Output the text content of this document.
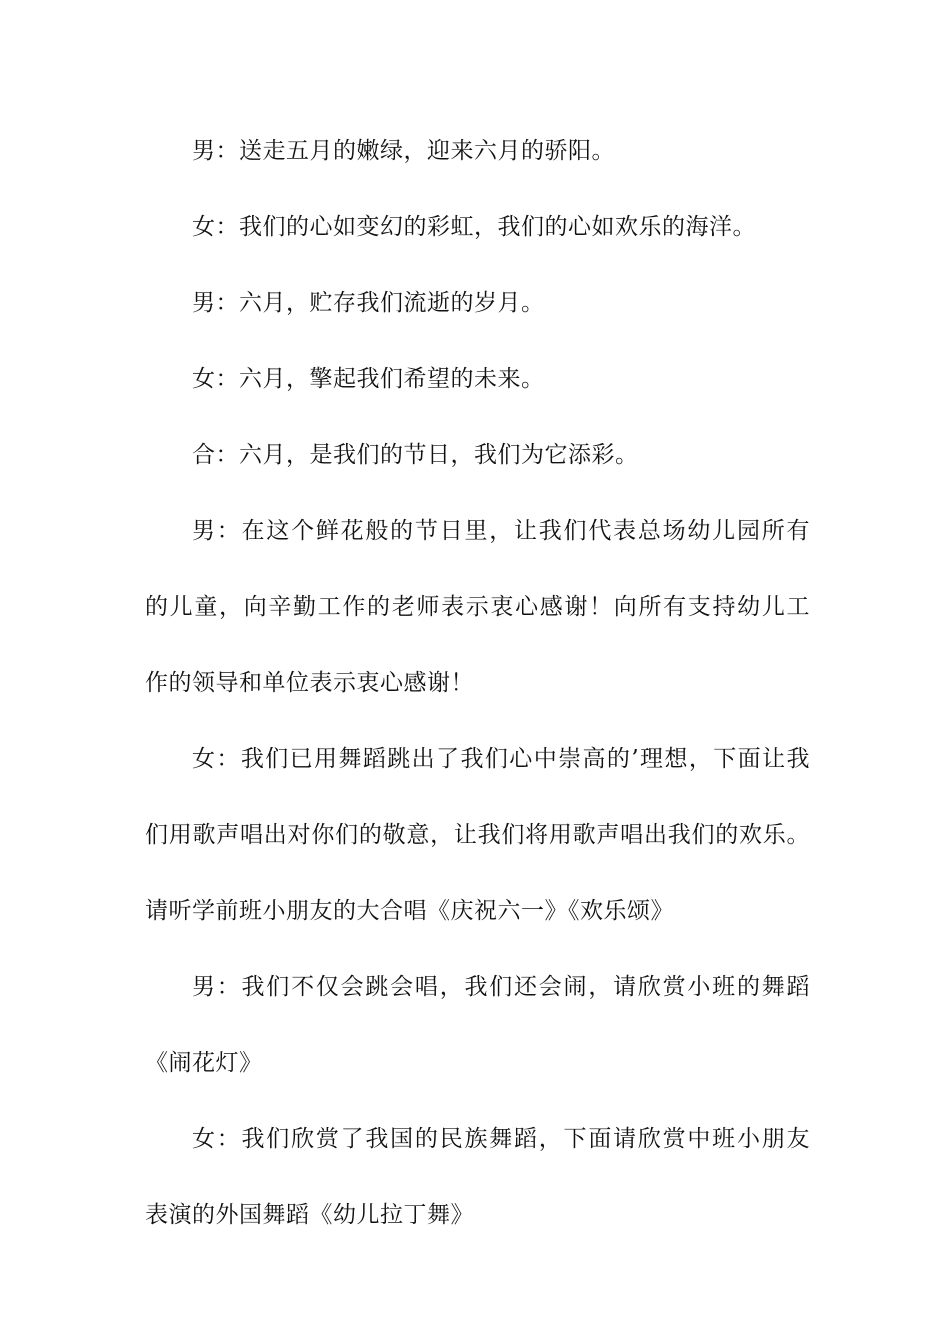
男：送走五月的嫩绿，迎来六月的骄阳。
女：我们的心如变幻的彩虹，我们的心如欢乐的海洋。
男：六月，贮存我们流逝的岁月。
女：六月，擎起我们希望的未来。
合：六月，是我们的节日，我们为它添彩。
男：在这个鲜花般的节日里，让我们代表总场幼儿园所有
的儿童，向辛勤工作的老师表示衷心感谢！向所有支持幼儿工
作的领导和单位表示衷心感谢！
女：我们已用舞蹈跳出了我们心中崇高的’理想，下面让我
们用歌声唱出对你们的敬意，让我们将用歌声唱出我们的欢乐。
请听学前班小朋友的大合唱《庆祝六一》《欢乐颂》
男：我们不仅会跳会唱，我们还会闹，请欣赏小班的舞蹈
《闹花灯》
女：我们欣赏了我国的民族舞蹈，下面请欣赏中班小朋友
表演的外国舞蹈《幼儿拉丁舞》
